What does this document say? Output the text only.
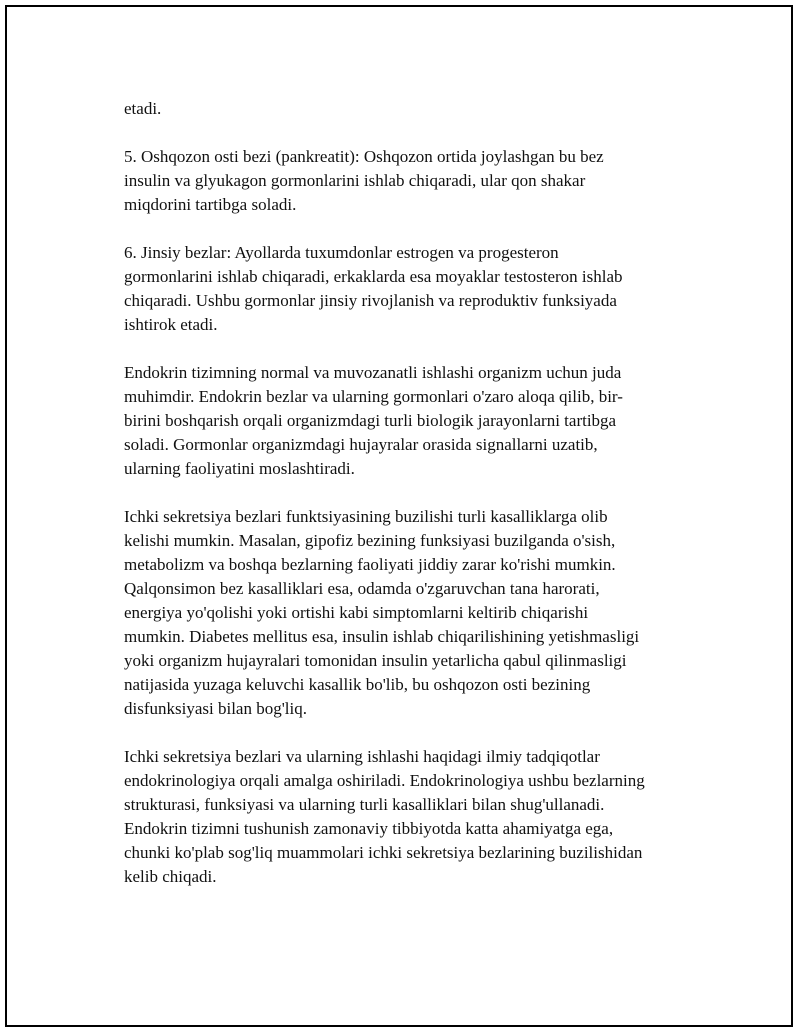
etadi.

5. Oshqozon osti bezi (pankreatit): Oshqozon ortida joylashgan bu bez
insulin va glyukagon gormonlarini ishlab chiqaradi, ular qon shakar
miqdorini tartibga soladi.

6. Jinsiy bezlar: Ayollarda tuxumdonlar estrogen va progesteron
gormonlarini ishlab chiqaradi, erkaklarda esa moyaklar testosteron ishlab
chiqaradi. Ushbu gormonlar jinsiy rivojlanish va reproduktiv funksiyada
ishtirok etadi.

Endokrin tizimning normal va muvozanatli ishlashi organizm uchun juda
muhimdir. Endokrin bezlar va ularning gormonlari o'zaro aloqa qilib, bir-
birini boshqarish orqali organizmdagi turli biologik jarayonlarni tartibga
soladi. Gormonlar organizmdagi hujayralar orasida signallarni uzatib,
ularning faoliyatini moslashtiradi.

Ichki sekretsiya bezlari funktsiyasining buzilishi turli kasalliklarga olib
kelishi mumkin. Masalan, gipofiz bezining funksiyasi buzilganda o'sish,
metabolizm va boshqa bezlarning faoliyati jiddiy zarar ko'rishi mumkin.
Qalqonsimon bez kasalliklari esa, odamda o'zgaruvchan tana harorati,
energiya yo'qolishi yoki ortishi kabi simptomlarni keltirib chiqarishi
mumkin. Diabetes mellitus esa, insulin ishlab chiqarilishining yetishmasligi
yoki organizm hujayralari tomonidan insulin yetarlicha qabul qilinmasligi
natijasida yuzaga keluvchi kasallik bo'lib, bu oshqozon osti bezining
disfunksiyasi bilan bog'liq.

Ichki sekretsiya bezlari va ularning ishlashi haqidagi ilmiy tadqiqotlar
endokrinologiya orqali amalga oshiriladi. Endokrinologiya ushbu bezlarning
strukturasi, funksiyasi va ularning turli kasalliklari bilan shug'ullanadi.
Endokrin tizimni tushunish zamonaviy tibbiyotda katta ahamiyatga ega,
chunki ko'plab sog'liq muammolari ichki sekretsiya bezlarining buzilishidan
kelib chiqadi.
